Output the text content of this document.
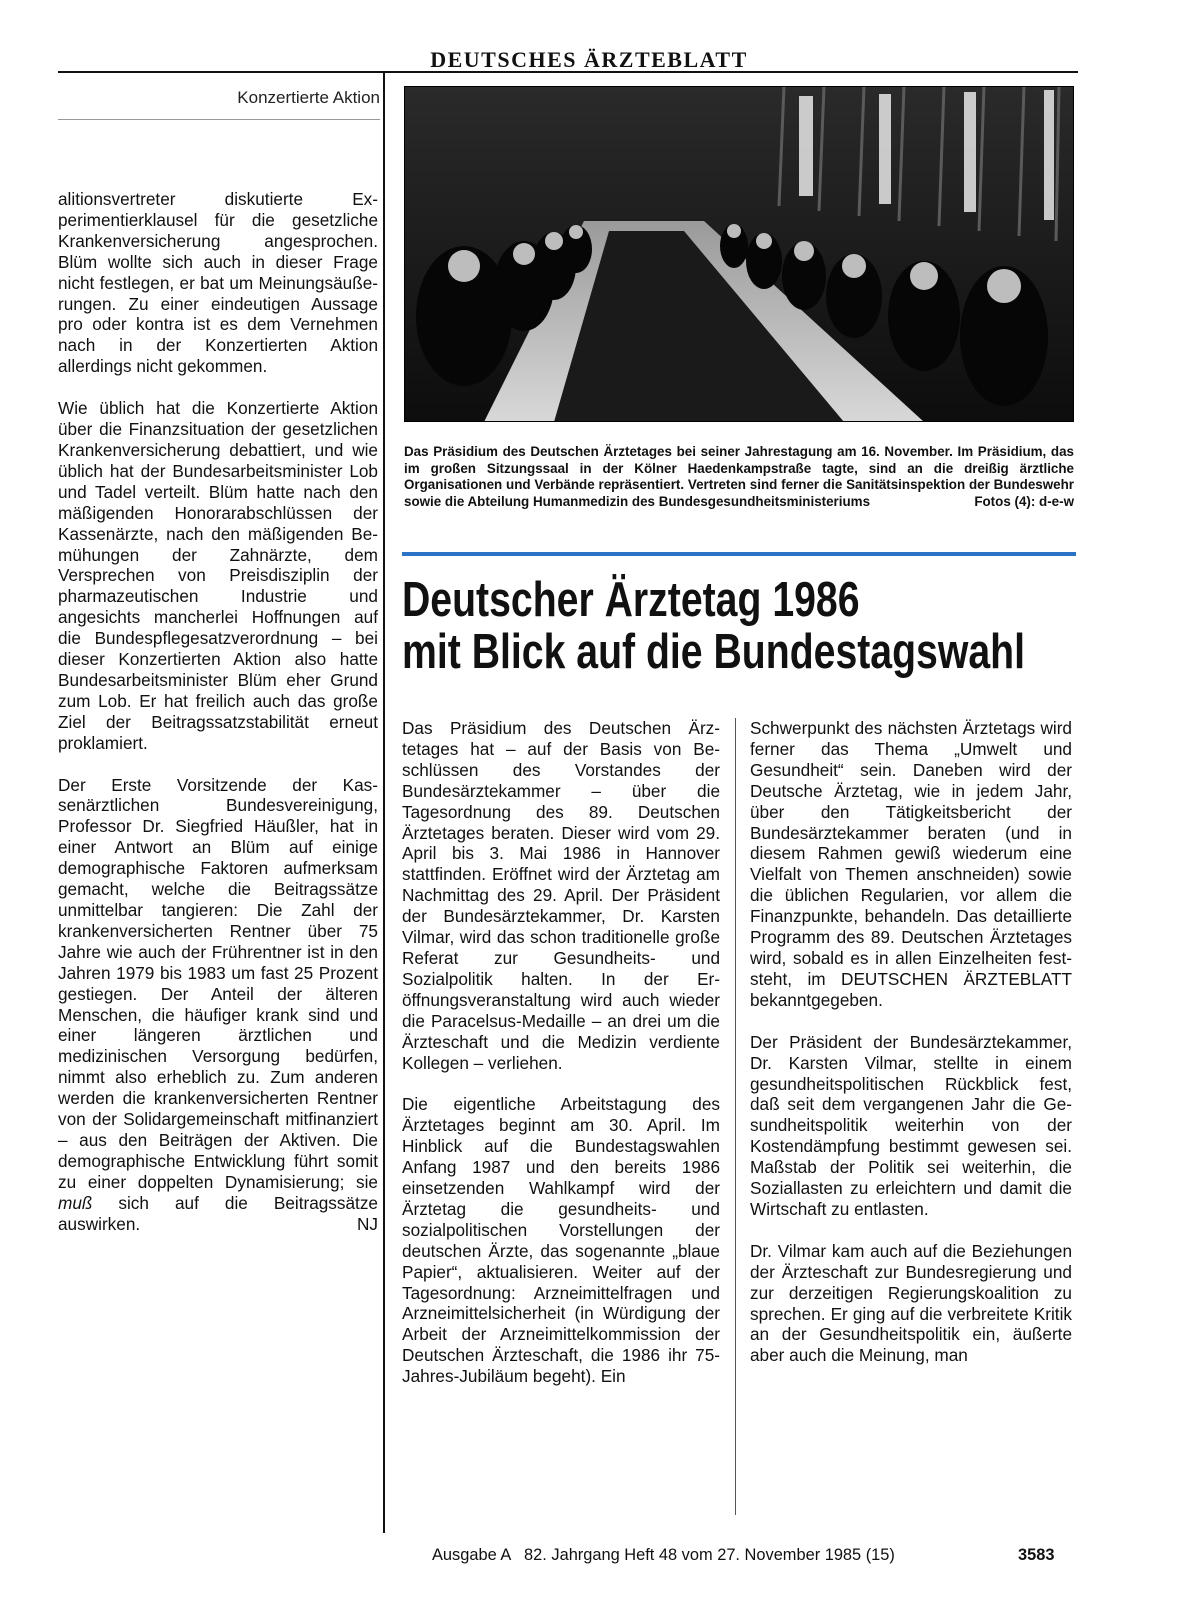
DEUTSCHES ÄRZTEBLATT
Konzertierte Aktion

alitionsvertreter diskutierte Experimentierklausel für die gesetzliche Krankenversicherung angesprochen. Blüm wollte sich auch in dieser Frage nicht festlegen, er bat um Meinungsäußerungen. Zu einer eindeutigen Aussage pro oder kontra ist es dem Vernehmen nach in der Konzertierten Aktion allerdings nicht gekommen.

Wie üblich hat die Konzertierte Aktion über die Finanzsituation der gesetzlichen Krankenversicherung debattiert, und wie üblich hat der Bundesarbeitsminister Lob und Tadel verteilt. Blüm hatte nach den mäßigenden Honorarabschlüssen der Kassenärzte, nach den mäßigenden Bemühungen der Zahnärzte, dem Versprechen von Preisdisziplin der pharmazeutischen Industrie und angesichts mancherlei Hoffnungen auf die Bundespflegesatzverordnung – bei dieser Konzertierten Aktion also hatte Bundesarbeitsminister Blüm eher Grund zum Lob. Er hat freilich auch das große Ziel der Beitragssatzstabilität erneut proklamiert.

Der Erste Vorsitzende der Kassenärztlichen Bundesvereinigung, Professor Dr. Siegfried Häußler, hat in einer Antwort an Blüm auf einige demographische Faktoren aufmerksam gemacht, welche die Beitragssätze unmittelbar tangieren: Die Zahl der krankenversicherten Rentner über 75 Jahre wie auch der Frührentner ist in den Jahren 1979 bis 1983 um fast 25 Prozent gestiegen. Der Anteil der älteren Menschen, die häufiger krank sind und einer längeren ärztlichen und medizinischen Versorgung bedürfen, nimmt also erheblich zu. Zum anderen werden die krankenversicherten Rentner von der Solidargemeinschaft mitfinanziert – aus den Beiträgen der Aktiven. Die demographische Entwicklung führt somit zu einer doppelten Dynamisierung; sie muß sich auf die Beitragssätze auswirken.	NJ

Das Präsidium des Deutschen Ärztetages bei seiner Jahrestagung am 16. November. Im Präsidium, das im großen Sitzungssaal in der Kölner Haedenkampstraße tagte, sind an die dreißig ärztliche Organisationen und Verbände repräsentiert. Vertreten sind ferner die Sanitätsinspektion der Bundeswehr sowie die Abteilung Humanmedizin des Bundesgesundheitsministeriums	Fotos (4): d-e-w
Deutscher Ärztetag 1986
mit Blick auf die Bundestagswahl

Das Präsidium des Deutschen Ärztetages hat – auf der Basis von Beschlüssen des Vorstandes der Bundesärztekammer – über die Tagesordnung des 89. Deutschen Ärztetages beraten. Dieser wird vom 29. April bis 3. Mai 1986 in Hannover stattfinden. Eröffnet wird der Ärztetag am Nachmittag des 29. April. Der Präsident der Bundesärztekammer, Dr. Karsten Vilmar, wird das schon traditionelle große Referat zur Gesundheits- und Sozialpolitik halten. In der Eröffnungsveranstaltung wird auch wieder die Paracelsus-Medaille – an drei um die Ärzteschaft und die Medizin verdiente Kollegen – verliehen.

Die eigentliche Arbeitstagung des Ärztetages beginnt am 30. April. Im Hinblick auf die Bundestagswahlen Anfang 1987 und den bereits 1986 einsetzenden Wahlkampf wird der Ärztetag die gesundheits- und sozialpolitischen Vorstellungen der deutschen Ärzte, das sogenannte „blaue Papier“, aktualisieren. Weiter auf der Tagesordnung: Arzneimittelfragen und Arzneimittelsicherheit (in Würdigung der Arbeit der Arzneimittelkommission der Deutschen Ärzteschaft, die 1986 ihr 75-Jahres-Jubiläum begeht). Ein

Schwerpunkt des nächsten Ärztetags wird ferner das Thema „Umwelt und Gesundheit“ sein. Daneben wird der Deutsche Ärztetag, wie in jedem Jahr, über den Tätigkeitsbericht der Bundesärztekammer beraten (und in diesem Rahmen gewiß wiederum eine Vielfalt von Themen anschneiden) sowie die üblichen Regularien, vor allem die Finanzpunkte, behandeln. Das detaillierte Programm des 89. Deutschen Ärztetages wird, sobald es in allen Einzelheiten feststeht, im DEUTSCHEN ÄRZTEBLATT bekanntgegeben.

Der Präsident der Bundesärztekammer, Dr. Karsten Vilmar, stellte in einem gesundheitspolitischen Rückblick fest, daß seit dem vergangenen Jahr die Gesundheitspolitik weiterhin von der Kostendämpfung bestimmt gewesen sei. Maßstab der Politik sei weiterhin, die Soziallasten zu erleichtern und damit die Wirtschaft zu entlasten.

Dr. Vilmar kam auch auf die Beziehungen der Ärzteschaft zur Bundesregierung und zur derzeitigen Regierungskoalition zu sprechen. Er ging auf die verbreitete Kritik an der Gesundheitspolitik ein, äußerte aber auch die Meinung, man

Ausgabe A   82. Jahrgang Heft 48 vom 27. November 1985 (15)	3583
